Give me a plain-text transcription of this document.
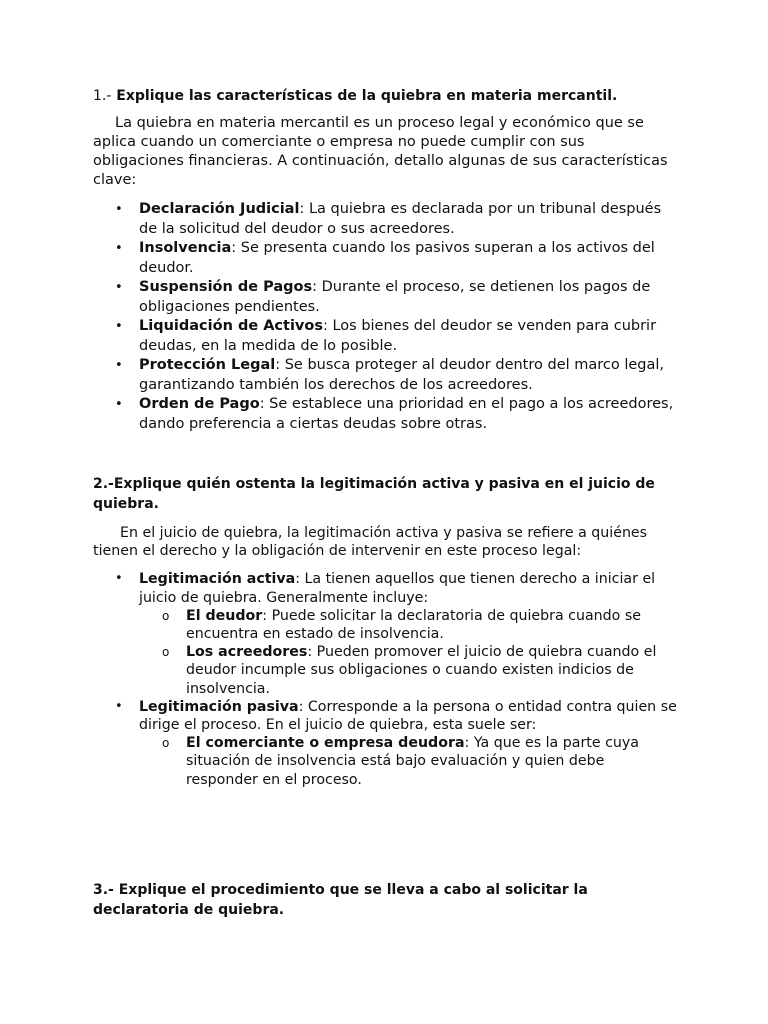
1.- Explique las características de la quiebra en materia mercantil.

La quiebra en materia mercantil es un proceso legal y económico que se aplica cuando un comerciante o empresa no puede cumplir con sus obligaciones financieras. A continuación, detallo algunas de sus características clave:

• Declaración Judicial: La quiebra es declarada por un tribunal después de la solicitud del deudor o sus acreedores.
• Insolvencia: Se presenta cuando los pasivos superan a los activos del deudor.
• Suspensión de Pagos: Durante el proceso, se detienen los pagos de obligaciones pendientes.
• Liquidación de Activos: Los bienes del deudor se venden para cubrir deudas, en la medida de lo posible.
• Protección Legal: Se busca proteger al deudor dentro del marco legal, garantizando también los derechos de los acreedores.
• Orden de Pago: Se establece una prioridad en el pago a los acreedores, dando preferencia a ciertas deudas sobre otras.

2.-Explique quién ostenta la legitimación activa y pasiva en el juicio de quiebra.

En el juicio de quiebra, la legitimación activa y pasiva se refiere a quiénes tienen el derecho y la obligación de intervenir en este proceso legal:

• Legitimación activa: La tienen aquellos que tienen derecho a iniciar el juicio de quiebra. Generalmente incluye:
o El deudor: Puede solicitar la declaratoria de quiebra cuando se encuentra en estado de insolvencia.
o Los acreedores: Pueden promover el juicio de quiebra cuando el deudor incumple sus obligaciones o cuando existen indicios de insolvencia.
• Legitimación pasiva: Corresponde a la persona o entidad contra quien se dirige el proceso. En el juicio de quiebra, esta suele ser:
o El comerciante o empresa deudora: Ya que es la parte cuya situación de insolvencia está bajo evaluación y quien debe responder en el proceso.

3.- Explique el procedimiento que se lleva a cabo al solicitar la declaratoria de quiebra.
